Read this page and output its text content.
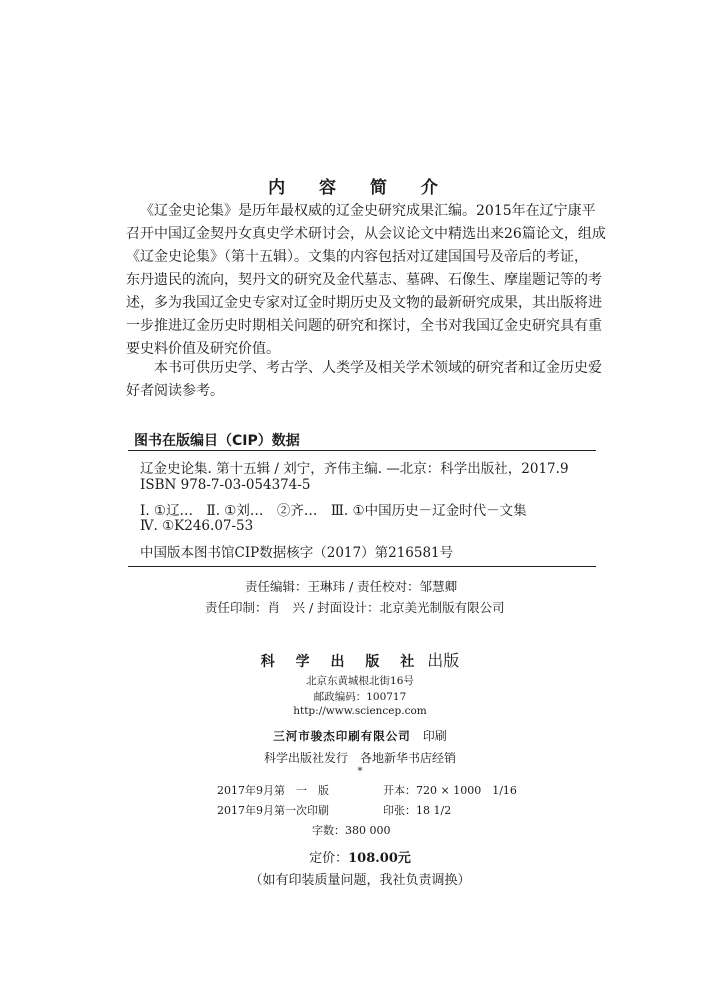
内 容 简 介

《辽金史论集》是历年最权威的辽金史研究成果汇编。2015年在辽宁康平
召开中国辽金契丹女真史学术研讨会，从会议论文中精选出来26篇论文，组成
《辽金史论集》（第十五辑）。文集的内容包括对辽建国国号及帝后的考证，
东丹遗民的流向，契丹文的研究及金代墓志、墓碑、石像生、摩崖题记等的考
述，多为我国辽金史专家对辽金时期历史及文物的最新研究成果，其出版将进
一步推进辽金历史时期相关问题的研究和探讨，全书对我国辽金史研究具有重
要史料价值及研究价值。

本书可供历史学、考古学、人类学及相关学术领域的研究者和辽金历史爱
好者阅读参考。

图书在版编目（CIP）数据
辽金史论集. 第十五辑 / 刘宁，齐伟主编. —北京：科学出版社，2017.9
ISBN 978-7-03-054374-5
Ⅰ. ①辽…　Ⅱ. ①刘…　②齐…　Ⅲ. ①中国历史－辽金时代－文集
Ⅳ. ①K246.07-53
中国版本图书馆CIP数据核字（2017）第216581号
责任编辑：王琳玮 / 责任校对：邹慧卿
责任印制：肖　兴 / 封面设计：北京美光制版有限公司
科 学 出 版 社 出版
北京东黄城根北街16号
邮政编码：100717
http://www.sciencep.com
三河市骏杰印刷有限公司　印刷
科学出版社发行　各地新华书店经销
*
2017年9月第　一　版	开本：720 × 1000　1/16
2017年9月第一次印刷	印张：18 1/2
字数：380 000
定价：108.00元
（如有印装质量问题，我社负责调换）
